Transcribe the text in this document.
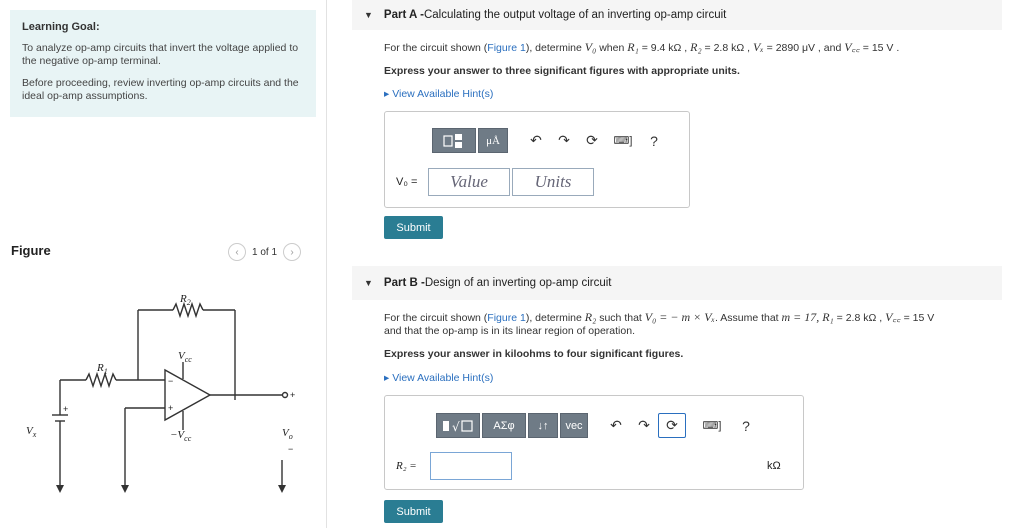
Learning Goal:
To analyze op-amp circuits that invert the voltage applied to the negative op-amp terminal.
Before proceeding, review inverting op-amp circuits and the ideal op-amp assumptions.
Figure	‹	1 of 1	›
$R_2$
$R_1$
$V_{cc}$
$-V_{cc}$
$V_x$	$V_o$
+
−
+
+
−
▼ Part A - Calculating the output voltage of an inverting op-amp circuit
For the circuit shown (Figure 1), determine V₀ when R₁ = 9.4 kΩ , R₂ = 2.8 kΩ , Vₓ = 2890 μV , and V꜀꜀ = 15 V .
Express your answer to three significant figures with appropriate units.
▸ View Available Hint(s)
μÅ	↶	↷	⟳	⌨]	?
V₀ =	Value	Units
Submit
▼ Part B - Design of an inverting op-amp circuit
For the circuit shown (Figure 1), determine R₂ such that V₀ = − m × Vₓ. Assume that m = 17, R₁ = 2.8 kΩ , V꜀꜀ = 15 V
and that the op-amp is in its linear region of operation.
Express your answer in kiloohms to four significant figures.
▸ View Available Hint(s)
√	ΑΣφ	↓↑	vec	↶	↷	⟳	⌨]	?
R₂ =	kΩ
Submit
